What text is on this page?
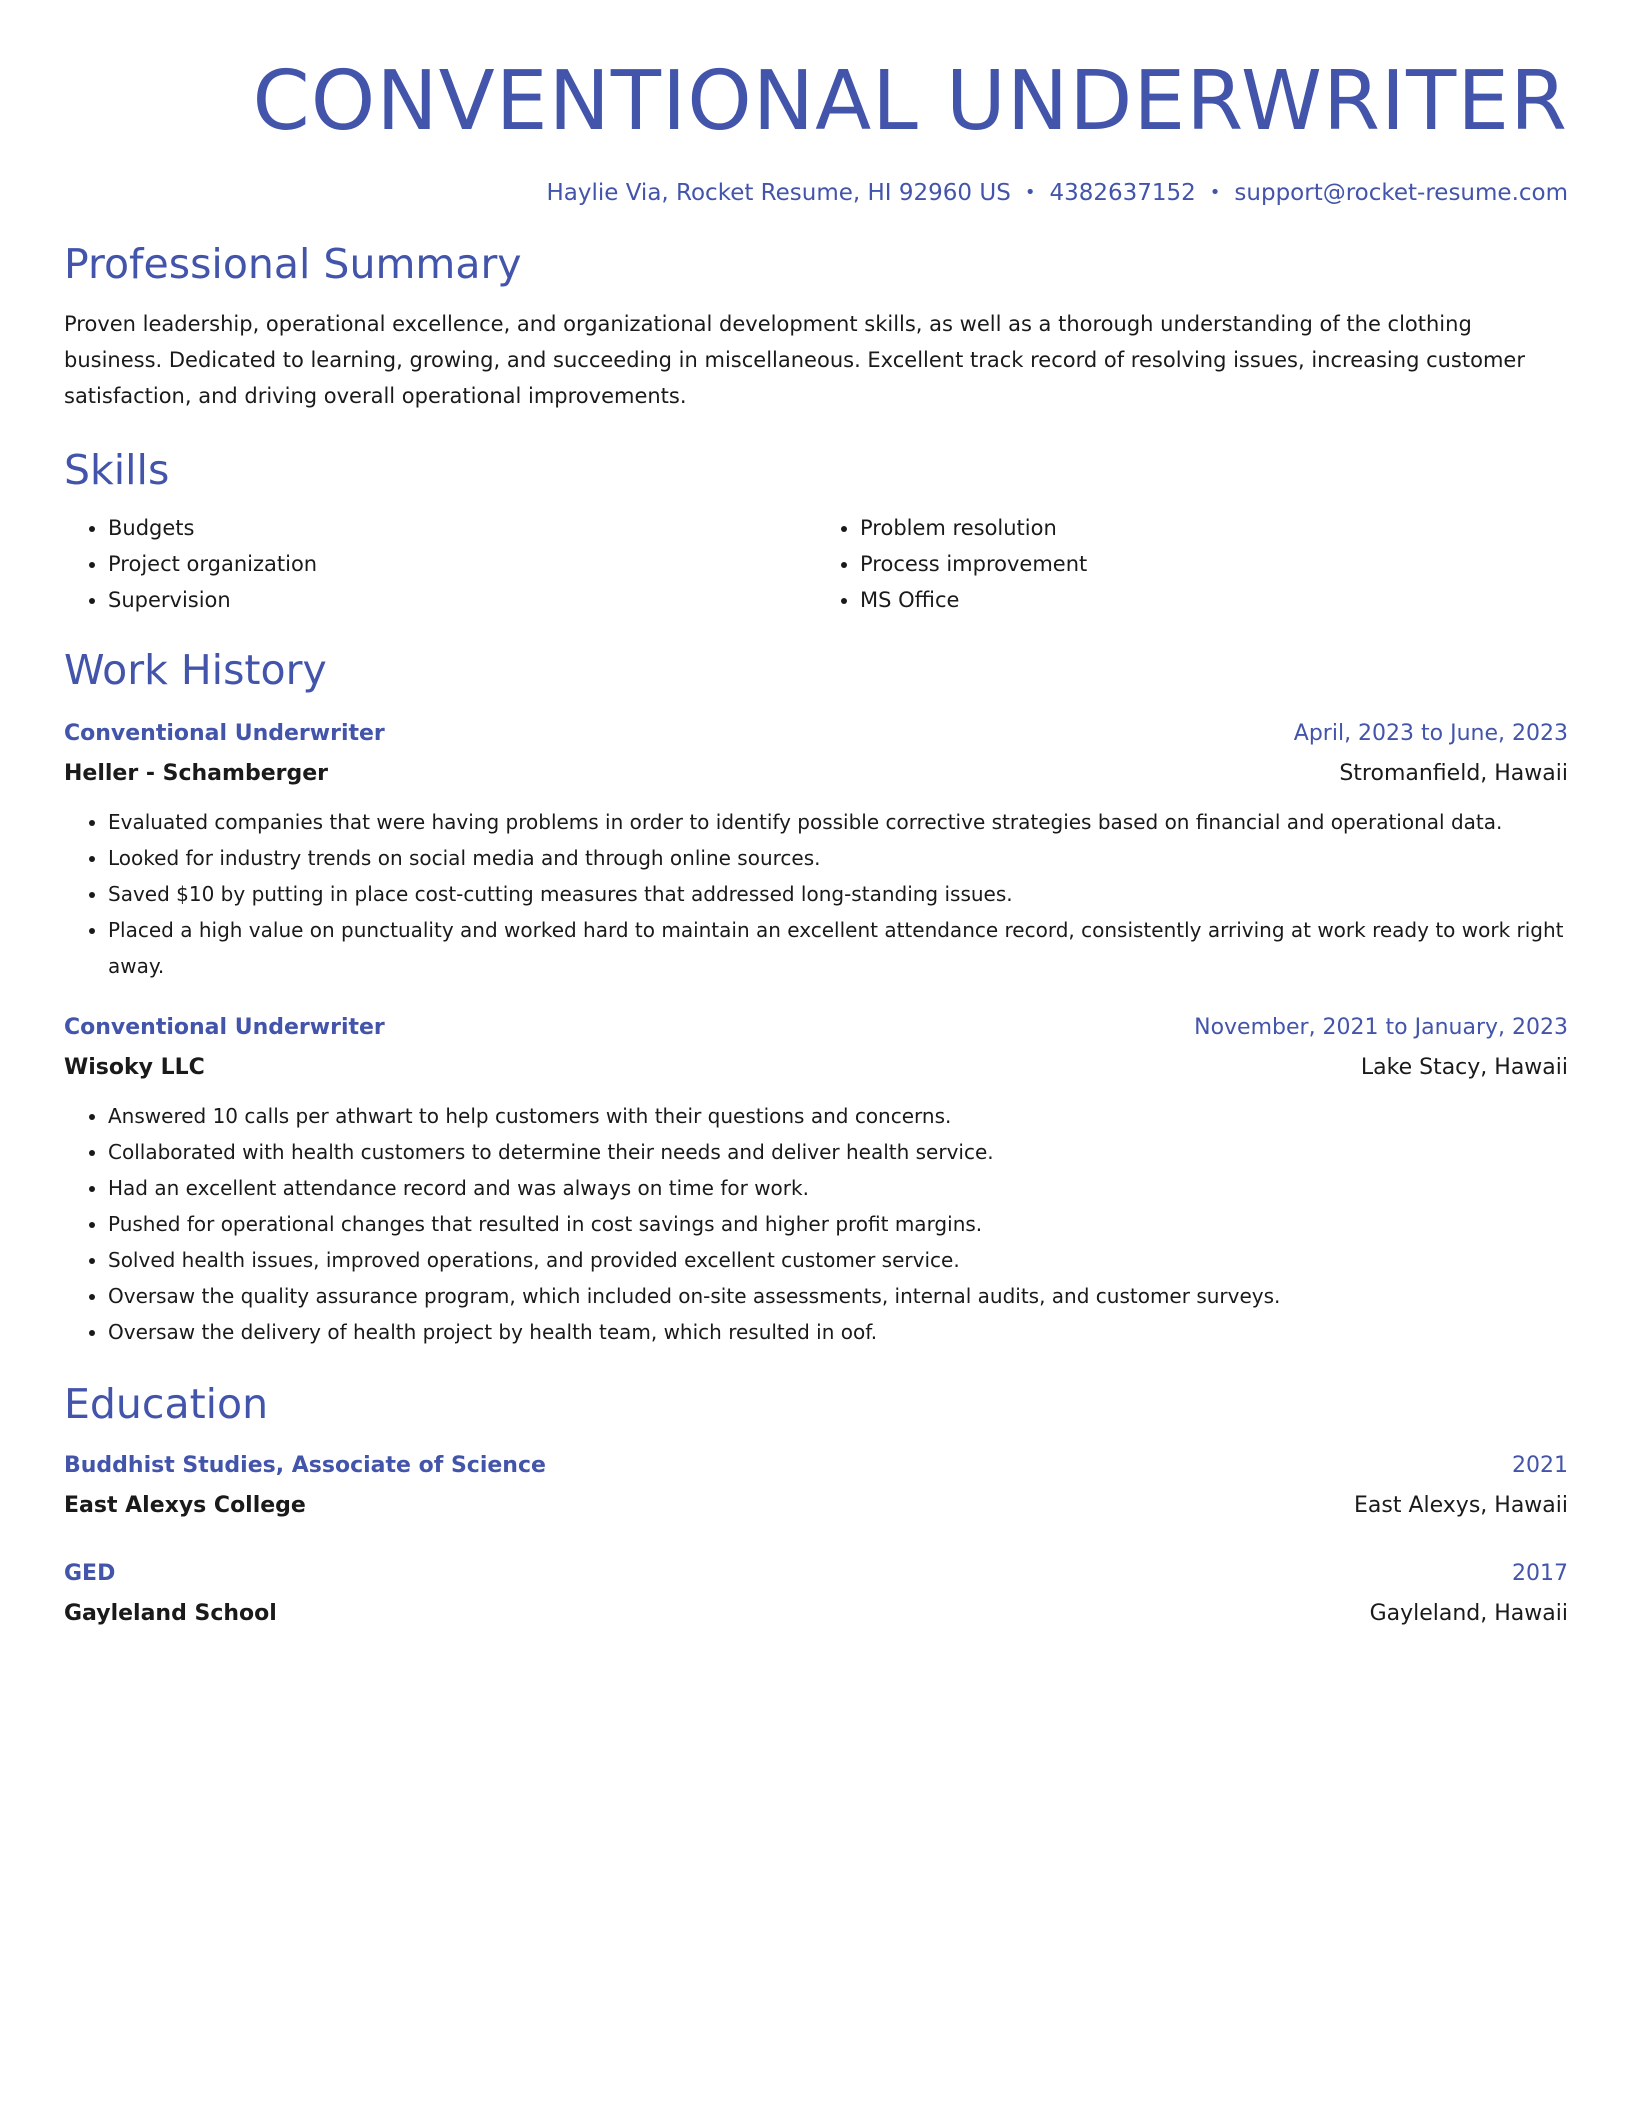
CONVENTIONAL UNDERWRITER
Haylie Via, Rocket Resume, HI 92960 US • 4382637152 • support@rocket-resume.com
Professional Summary
Proven leadership, operational excellence, and organizational development skills, as well as a thorough understanding of the clothing business. Dedicated to learning, growing, and succeeding in miscellaneous. Excellent track record of resolving issues, increasing customer satisfaction, and driving overall operational improvements.
Skills
• Budgets
• Project organization
• Supervision
• Problem resolution
• Process improvement
• MS Office
Work History
Conventional Underwriter	April, 2023 to June, 2023
Heller - Schamberger	Stromanfield, Hawaii
• Evaluated companies that were having problems in order to identify possible corrective strategies based on financial and operational data.
• Looked for industry trends on social media and through online sources.
• Saved $10 by putting in place cost-cutting measures that addressed long-standing issues.
• Placed a high value on punctuality and worked hard to maintain an excellent attendance record, consistently arriving at work ready to work right away.
Conventional Underwriter	November, 2021 to January, 2023
Wisoky LLC	Lake Stacy, Hawaii
• Answered 10 calls per athwart to help customers with their questions and concerns.
• Collaborated with health customers to determine their needs and deliver health service.
• Had an excellent attendance record and was always on time for work.
• Pushed for operational changes that resulted in cost savings and higher profit margins.
• Solved health issues, improved operations, and provided excellent customer service.
• Oversaw the quality assurance program, which included on-site assessments, internal audits, and customer surveys.
• Oversaw the delivery of health project by health team, which resulted in oof.
Education
Buddhist Studies, Associate of Science	2021
East Alexys College	East Alexys, Hawaii
GED	2017
Gayleland School	Gayleland, Hawaii
